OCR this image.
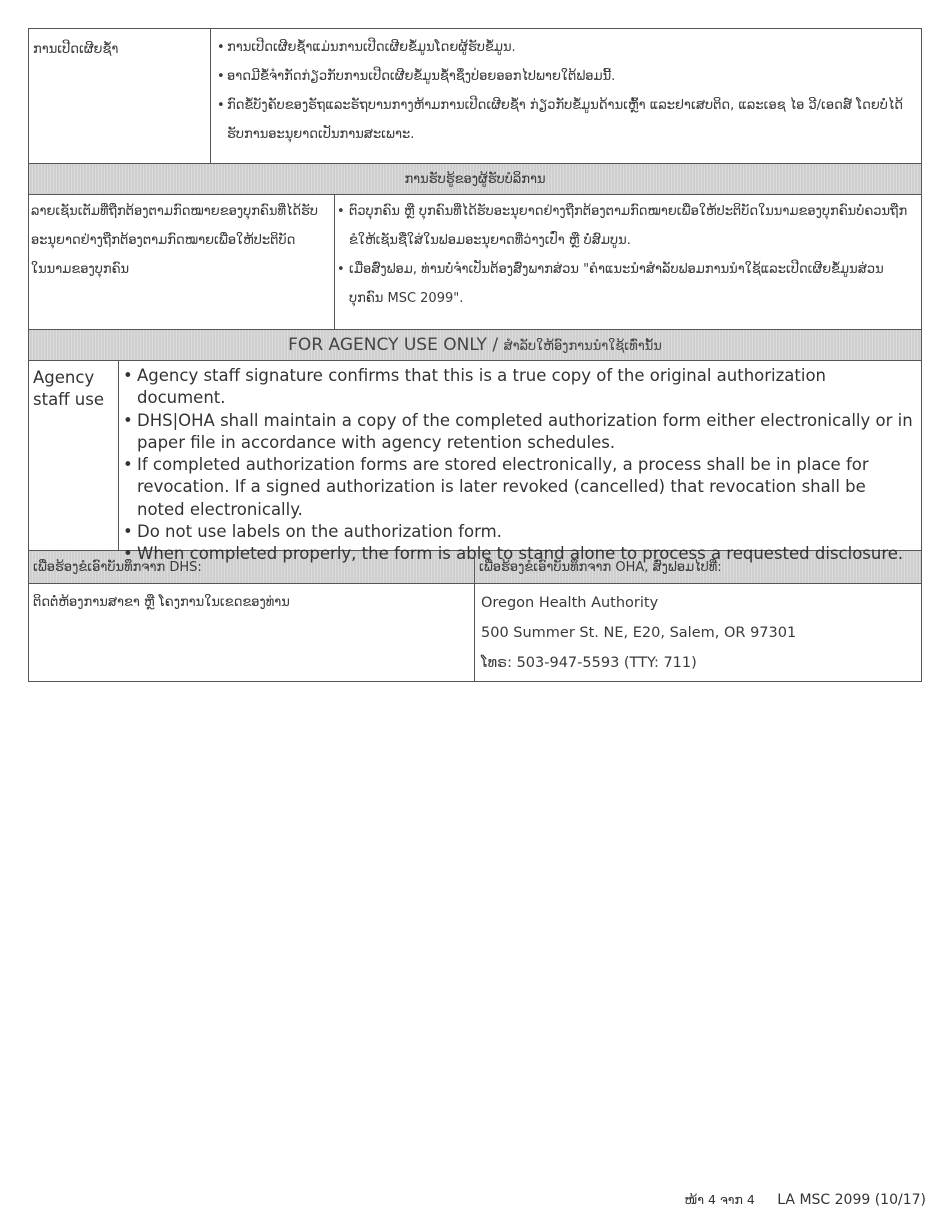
ການເປີດເຜີຍຊ້ຳ
•	ການເປີດເຜີຍຊ້ຳແມ່ນການເປີດເຜີຍຂໍ້ມູນໂດຍຜູ້ຮັບຂໍ້ມູນ.
• ອາດມີຂໍ້ຈຳກັດກ່ຽວກັບການເປີດເຜີຍຂໍ້ມູນຊ້ຳຊຶ່ງປ່ອຍອອກໄປພາຍໃຕ້ຟອມນີ້.
• ກົດຂໍ້ບັງຄັບຂອງຣັຖແລະຣັຖບານກາງຫ້າມການເປີດເຜີຍຊ້ຳ ກ່ຽວກັບຂໍ້ມູນດ້ານເຫຼົ້າ ແລະຢາເສບຕິດ, ແລະເອຊ ໄອ ວີ/ເອດສ໌ ໂດຍບໍ່ໄດ້ຮັບການອະນຸຍາດເປັນການສະເພາະ.
ການຮັບຮູ້ຂອງຜູ້ຮັບບໍລິການ
ລາຍເຊັນເຕັມທີ່ຖືກຕ້ອງຕາມກົດໝາຍຂອງບຸກຄົນທີ່ໄດ້ຮັບອະນຸຍາດຢ່າງຖືກຕ້ອງຕາມກົດໝາຍເພື່ອໃຫ້ປະຕິບັດໃນນາມຂອງບຸກຄົນ
• ຕົວບຸກຄົນ ຫຼື ບຸກຄົນທີ່ໄດ້ຮັບອະນຸຍາດຢ່າງຖືກຕ້ອງຕາມກົດໝາຍເພື່ອໃຫ້ປະຕິບັດໃນນາມຂອງບຸກຄົນບໍ່ຄວນຖືກຂໍໃຫ້ເຊັນຊື່ໃສ່ໃນຟອມອະນຸຍາດທີ່ວ່າງເປົ່າ ຫຼື ບໍ່ສົມບູນ.
• ເມື່ອສົ່ງຟອມ, ທ່ານບໍ່ຈຳເປັນຕ້ອງສົ່ງພາກສ່ວນ "ຄຳແນະນຳສຳລັບຟອມການນຳໃຊ້ແລະເປີດເຜີຍຂໍ້ມູນສ່ວນບຸກຄົນ MSC 2099".
FOR AGENCY USE ONLY / ສຳລັບໃຫ້ອົງການນຳໃຊ້ເທົ່ານັ້ນ
Agency staff use
• Agency staff signature confirms that this is a true copy of the original authorization document.
• DHS|OHA shall maintain a copy of the completed authorization form either electronically or in paper file in accordance with agency retention schedules.
• If completed authorization forms are stored electronically, a process shall be in place for revocation. If a signed authorization is later revoked (cancelled) that revocation shall be noted electronically.
• Do not use labels on the authorization form.
• When completed properly, the form is able to stand alone to process a requested disclosure.
ເພື່ອຮ້ອງຂໍເອົາບັນທຶກຈາກ DHS:	ເພື່ອຮ້ອງຂໍເອົາບັນທຶກຈາກ OHA, ສົ່ງຟອມໄປທີ່:
ຕິດຕໍ່ຫ້ອງການສາຂາ ຫຼື ໂຄງການໃນເຂດຂອງທ່ານ	Oregon Health Authority
500 Summer St. NE, E20, Salem, OR 97301
ໂທຣ: 503-947-5593 (TTY: 711)
ໜ້າ 4 ຈາກ 4 LA MSC 2099 (10/17)
